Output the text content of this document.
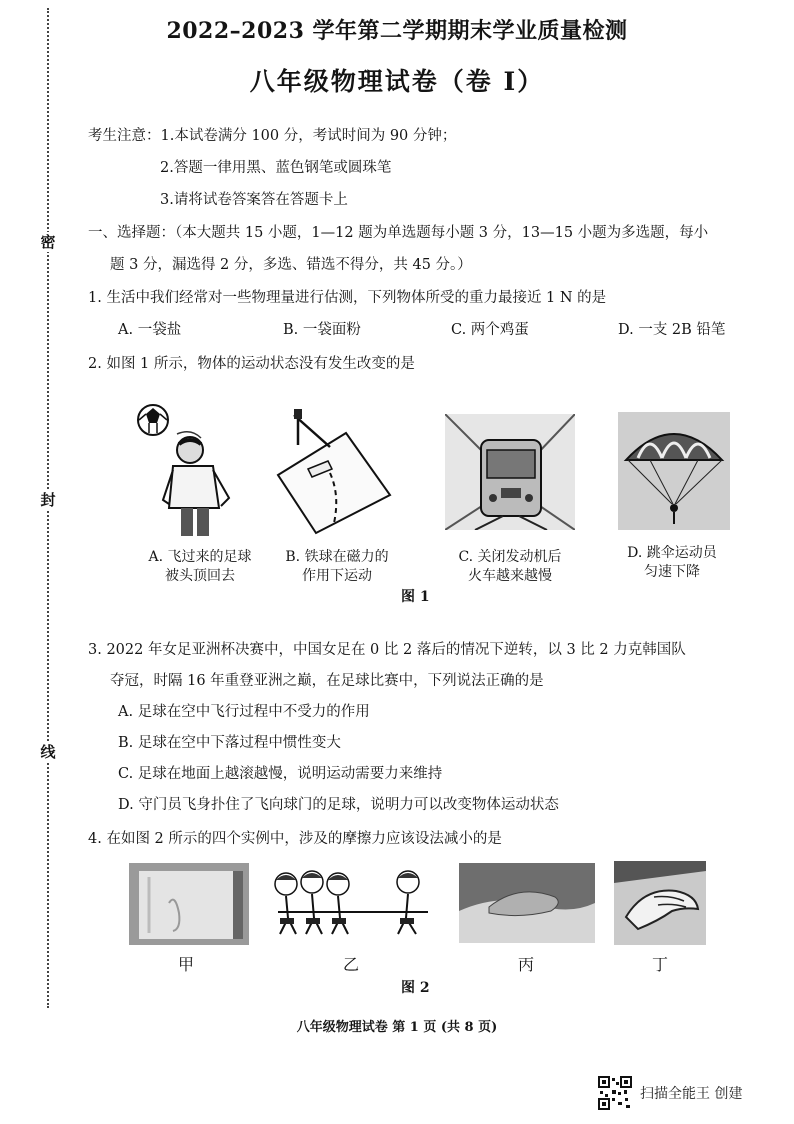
密
封
线
2022–2023 学年第二学期期末学业质量检测
八年级物理试卷（卷 I）
考生注意：1.本试卷满分 100 分，考试时间为 90 分钟；
2.答题一律用黑、蓝色钢笔或圆珠笔
3.请将试卷答案答在答题卡上
一、选择题：（本大题共 15 小题，1—12 题为单选题每小题 3 分，13—15 小题为多选题，每小
题 3 分，漏选得 2 分，多选、错选不得分，共 45 分。）
1. 生活中我们经常对一些物理量进行估测，下列物体所受的重力最接近 1 N 的是
A. 一袋盐	B. 一袋面粉	C. 两个鸡蛋	D. 一支 2B 铅笔
2. 如图 1 所示，物体的运动状态没有发生改变的是
A. 飞过来的足球
被头顶回去
B. 铁球在磁力的
作用下运动
C. 关闭发动机后
火车越来越慢
D. 跳伞运动员
匀速下降
图 1
3. 2022 年女足亚洲杯决赛中，中国女足在 0 比 2 落后的情况下逆转，以 3 比 2 力克韩国队
夺冠，时隔 16 年重登亚洲之巅，在足球比赛中，下列说法正确的是
A. 足球在空中飞行过程中不受力的作用
B. 足球在空中下落过程中惯性变大
C. 足球在地面上越滚越慢，说明运动需要力来维持
D. 守门员飞身扑住了飞向球门的足球，说明力可以改变物体运动状态
4. 在如图 2 所示的四个实例中，涉及的摩擦力应该设法减小的是
甲	乙	丙	丁
图 2
八年级物理试卷 第 1 页 (共 8 页)
扫描全能王 创建
